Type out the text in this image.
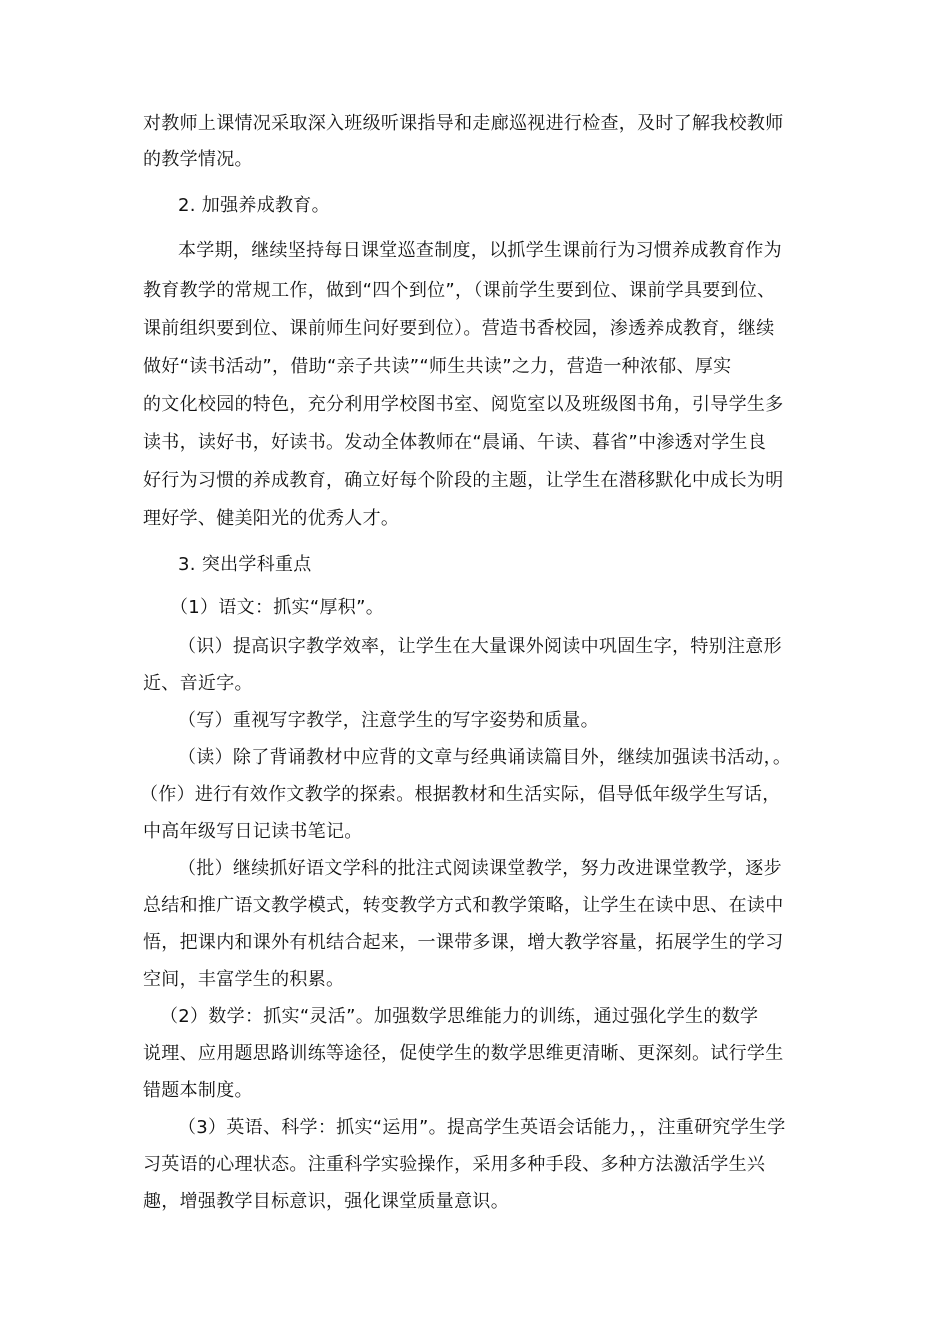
对教师上课情况采取深入班级听课指导和走廊巡视进行检查，及时了解我校教师
的教学情况。
2. 加强养成教育。
本学期，继续坚持每日课堂巡查制度，以抓学生课前行为习惯养成教育作为
教育教学的常规工作，做到“四个到位”，（课前学生要到位、课前学具要到位、
课前组织要到位、课前师生问好要到位）。营造书香校园，渗透养成教育，继续
做好“读书活动”，借助“亲子共读”“师生共读”之力，营造一种浓郁、厚实
的文化校园的特色，充分利用学校图书室、阅览室以及班级图书角，引导学生多
读书，读好书，好读书。发动全体教师在“晨诵、午读、暮省”中渗透对学生良
好行为习惯的养成教育，确立好每个阶段的主题，让学生在潜移默化中成长为明
理好学、健美阳光的优秀人才。
3. 突出学科重点
（1）语文：抓实“厚积”。
（识）提高识字教学效率，让学生在大量课外阅读中巩固生字，特别注意形
近、音近字。
（写）重视写字教学，注意学生的写字姿势和质量。
（读）除了背诵教材中应背的文章与经典诵读篇目外，继续加强读书活动，。
（作）进行有效作文教学的探索。根据教材和生活实际，倡导低年级学生写话，
中高年级写日记读书笔记。
（批）继续抓好语文学科的批注式阅读课堂教学，努力改进课堂教学，逐步
总结和推广语文教学模式，转变教学方式和教学策略，让学生在读中思、在读中
悟，把课内和课外有机结合起来，一课带多课，增大教学容量，拓展学生的学习
空间，丰富学生的积累。
（2）数学：抓实“灵活”。加强数学思维能力的训练，通过强化学生的数学
说理、应用题思路训练等途径，促使学生的数学思维更清晰、更深刻。试行学生
错题本制度。
（3）英语、科学：抓实“运用”。提高学生英语会话能力，，注重研究学生学
习英语的心理状态。注重科学实验操作，采用多种手段、多种方法激活学生兴
趣，增强教学目标意识，强化课堂质量意识。
